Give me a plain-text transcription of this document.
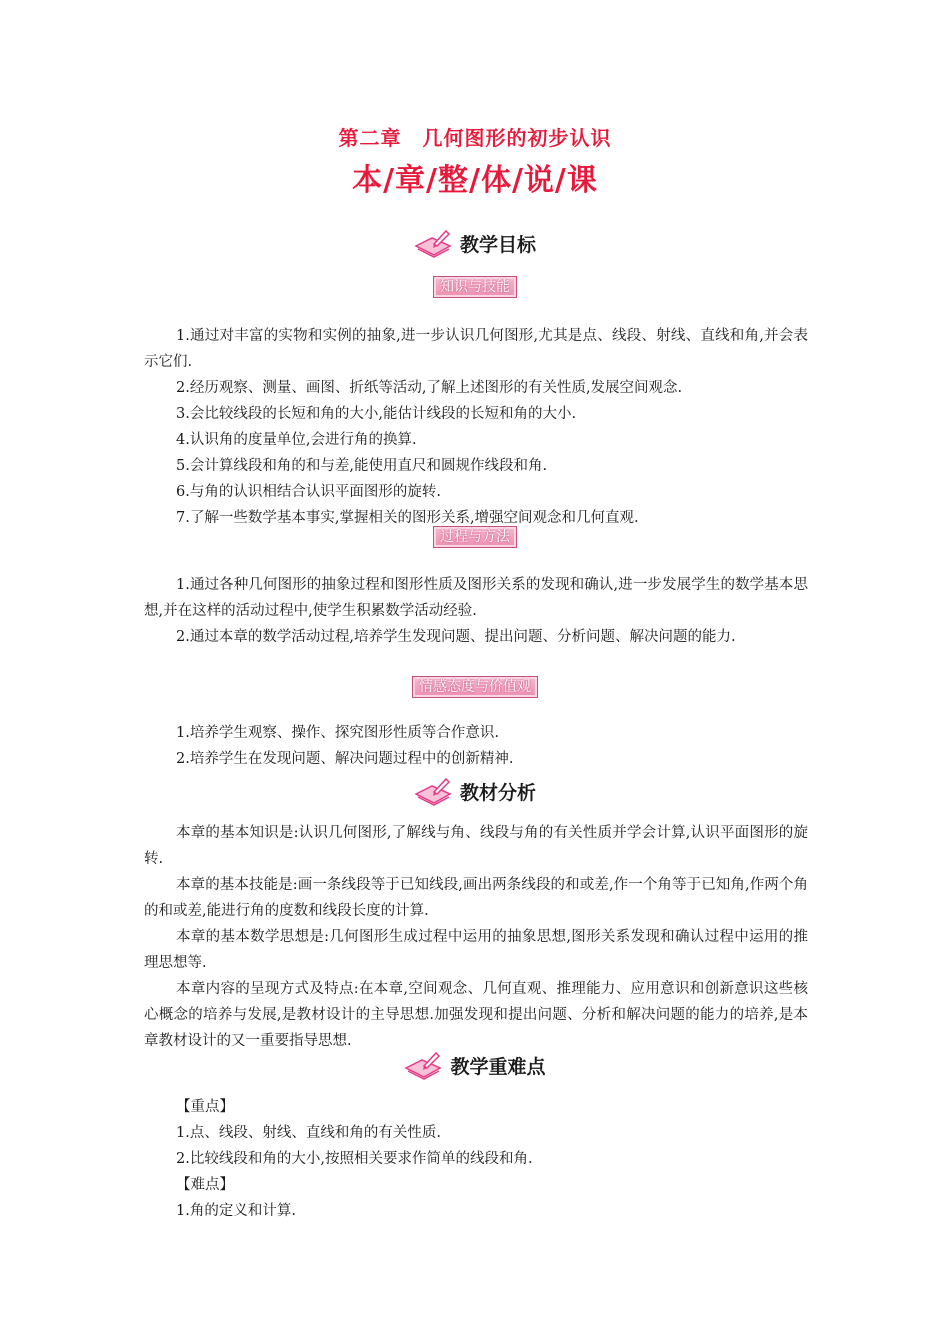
第二章　几何图形的初步认识
本/章/整/体/说/课
教学目标
知识与技能

1.通过对丰富的实物和实例的抽象,进一步认识几何图形,尤其是点、线段、射线、直线和角,并会表示它们.

2.经历观察、测量、画图、折纸等活动,了解上述图形的有关性质,发展空间观念.

3.会比较线段的长短和角的大小,能估计线段的长短和角的大小.

4.认识角的度量单位,会进行角的换算.

5.会计算线段和角的和与差,能使用直尺和圆规作线段和角.

6.与角的认识相结合认识平面图形的旋转.

7.了解一些数学基本事实,掌握相关的图形关系,增强空间观念和几何直观.

过程与方法

1.通过各种几何图形的抽象过程和图形性质及图形关系的发现和确认,进一步发展学生的数学基本思想,并在这样的活动过程中,使学生积累数学活动经验.

2.通过本章的数学活动过程,培养学生发现问题、提出问题、分析问题、解决问题的能力.

情感态度与价值观

1.培养学生观察、操作、探究图形性质等合作意识.

2.培养学生在发现问题、解决问题过程中的创新精神.

教材分析

本章的基本知识是:认识几何图形,了解线与角、线段与角的有关性质并学会计算,认识平面图形的旋转.

本章的基本技能是:画一条线段等于已知线段,画出两条线段的和或差,作一个角等于已知角,作两个角的和或差,能进行角的度数和线段长度的计算.

本章的基本数学思想是:几何图形生成过程中运用的抽象思想,图形关系发现和确认过程中运用的推理思想等.

本章内容的呈现方式及特点:在本章,空间观念、几何直观、推理能力、应用意识和创新意识这些核心概念的培养与发展,是教材设计的主导思想.加强发现和提出问题、分析和解决问题的能力的培养,是本章教材设计的又一重要指导思想.

教学重难点

【重点】

1.点、线段、射线、直线和角的有关性质.

2.比较线段和角的大小,按照相关要求作简单的线段和角.

【难点】

1.角的定义和计算.
